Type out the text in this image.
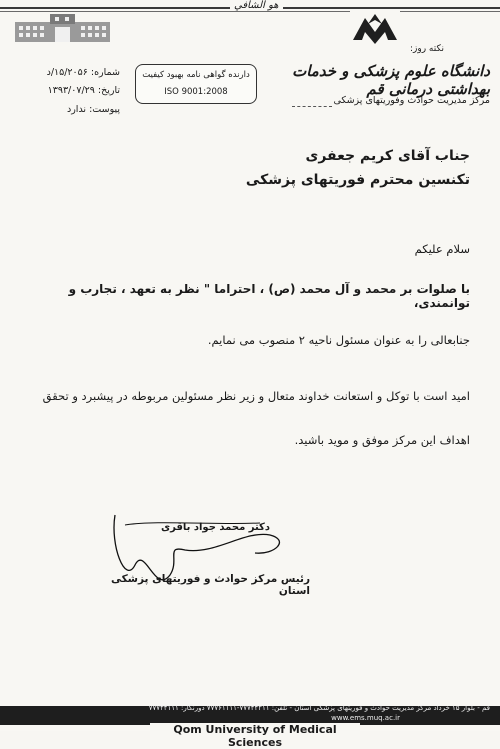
هو الشافي
نکته روز:
دانشگاه علوم پزشکی و خدمات بهداشتی درمانی قم
مرکز مدیریت حوادث وفوریتهای پزشکی
دارنده گواهی نامه بهبود کیفیت
ISO 9001:2008
شماره: ۱۵/۲۰۵۶/د
تاریخ: ۱۳۹۳/۰۷/۲۹
پیوست: ندارد
جناب آقای کریم جعفری
تکنسین محترم فوریتهای پزشکی
سلام علیکم
با صلوات بر محمد و آل محمد (ص) ، احتراما " نظر به تعهد ، تجارب و توانمندی،
جنابعالی را به عنوان مسئول ناحیه ۲ منصوب می نمایم.
امید است با توکل و استعانت خداوند متعال و زیر نظر مسئولین مربوطه در پیشبرد و تحقق
اهداف این مرکز موفق و موید باشید.
دکتر محمد جواد باقری
رئیس مرکز حوادث و فوریتهای پزشکی استان
قم - بلوار ۱۵ خرداد مرکز مدیریت حوادث و فوریتهای پزشکی استان - تلفن: ۷۷۷۴۴۲۱۱-۷۷۷۶۱۱۱۱ دورنگار: ۷۷۷۴۴۱۱۱
www.ems.muq.ac.ir
Qom University of Medical Sciences
